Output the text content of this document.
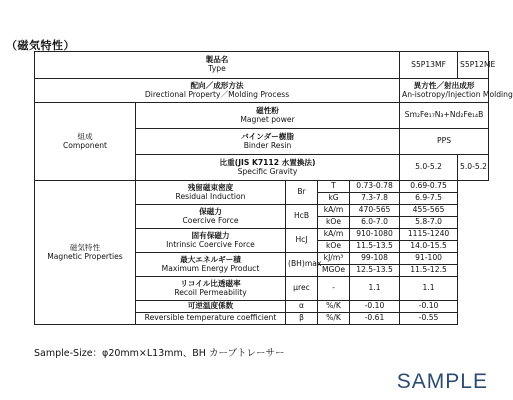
（磁気特性）
製品名
Type					S5P13MF	S5P12ME

配向／成形方法
Directional Property／Molding Process					異方性／射出成形
An-isotropy/Injection Molding	

組成
Component	磁性粉
Magnet power				Sm₂Fe₁₇N₃+Nd₂Fe₁₄B	

	バインダー樹脂
Binder Resin				PPS	

	比重(JIS K7112 水置換法)
Specific Gravity				5.0-5.2	5.0-5.2

磁気特性
Magnetic Properties	残留磁束密度
Residual Induction	Br	T	0.73-0.78	0.69-0.75	
			kG	7.3-7.8	6.9-7.5	

	保磁力
Coercive Force	HcB	kA/m	470-565	455-565	
			kOe	6.0-7.0	5.8-7.0	

	固有保磁力
Intrinsic Coercive Force	HcJ	kA/m	910-1080	1115-1240	
			kOe	11.5-13.5	14.0-15.5	

	最大エネルギー積
Maximum Energy Product	(BH)max	kJ/m³	99-108	91-100	
			MGOe	12.5-13.5	11.5-12.5	

	リコイル比透磁率
Recoil Permeability	μrec	-	1.1	1.1	

	可逆温度係数	α	%/K	-0.10	-0.10	

	Reversible temperature coefficient	β	%/K	-0.61	-0.55	
Sample-Size：φ20mm×L13mm、BH カーブトレーサー
SAMPLE
